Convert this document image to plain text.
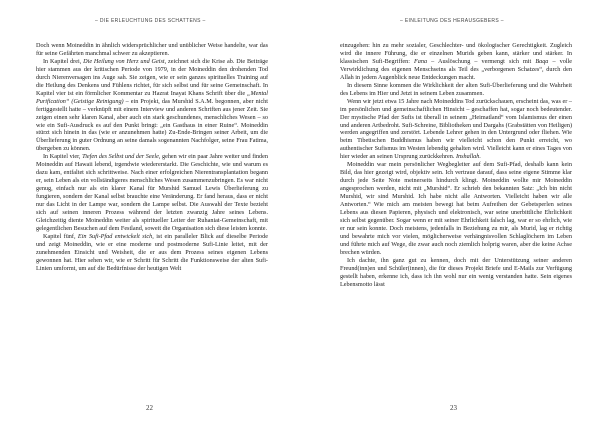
– DIE ERLEUCHTUNG DES SCHATTENS –

Doch wenn Moineddin in ähnlich widersprüchlicher und unüblicher Weise handelte, war das für seine Gefährten manchmal schwer zu akzeptieren.

In Kapitel drei, Die Heilung von Herz und Geist, zeichnet sich die Krise ab. Die Beiträge hier stammen aus der kritischen Periode von 1979, in der Moineddin den drohenden Tod durch Nierenversagen ins Auge sah. Sie zeigen, wie er sein ganzes spirituelles Training auf die Heilung des Denkens und Fühlens richtet, für sich selbst und für seine Gemeinschaft. In Kapitel vier ist ein förmlicher Kommentar zu Hazrat Inayat Khans Schrift über die „Mental Purification“ (Geistige Reinigung) – ein Projekt, das Murshid S.A.M. begonnen, aber nicht fertiggestellt hatte – verknüpft mit einem Interview und anderen Schriften aus jener Zeit. Sie zeigen einen sehr klaren Kanal, aber auch ein stark geschundenes, menschliches Wesen – so wie ein Sufi-Ausdruck es auf den Punkt bringt: „ein Gasthaus in einer Ruine“. Moineddin stürzt sich hinein in das (wie er anzunehmen hatte) Zu-Ende-Bringen seiner Arbeit, um die Überlieferung in guter Ordnung an seine damals sogenannten Nachfolger, seine Frau Fatima, übergeben zu können.

In Kapitel vier, Tiefen des Selbst und der Seele, gehen wir ein paar Jahre weiter und finden Moineddin auf Hawaii lebend, irgendwie wiedererstarkt. Die Geschichte, wie und warum es dazu kam, entfaltet sich schrittweise. Nach einer erfolgreichen Nierentransplantation begann er, sein Leben als ein vollständigeres menschliches Wesen zusammenzubringen. Es war nicht genug, einfach nur als ein klarer Kanal für Murshid Samuel Lewis Überlieferung zu fungieren, sondern der Kanal selbst brauchte eine Veränderung. Er fand heraus, dass er nicht nur das Licht in der Lampe war, sondern die Lampe selbst. Die Auswahl der Texte bezieht sich auf seinen inneren Prozess während der letzten zwanzig Jahre seines Lebens. Gleichzeitig diente Moineddin weiter als spiritueller Leiter der Ruhaniat-Gemeinschaft, mit gelegentlichen Besuchen auf dem Festland, soweit die Organisation sich diese leisten konnte.

Kapitel fünf, Ein Sufi-Pfad entwickelt sich, ist ein paralleler Blick auf dieselbe Periode und zeigt Moineddin, wie er eine moderne und postmoderne Sufi-Linie leitet, mit der zunehmenden Einsicht und Weisheit, die er aus dem Prozess seines eigenen Lebens gewonnen hat. Hier sehen wir, wie er Schritt für Schritt die Funktionsweise der alten Sufi-Linien umformt, um auf die Bedürfnisse der heutigen Welt

22
– EINLEITUNG DES HERAUSGEBERS –

einzugehen: hin zu mehr sozialer, Geschlechter- und ökologischer Gerechtigkeit. Zugleich wird die innere Führung, die er einzelnen Murids geben kann, stärker und stärker. In klassischen Sufi-Begriffen: Fana – Auslöschung – vermengt sich mit Baqa – volle Verwirklichung des eigenen Menschseins als Teil des „verborgenen Schatzes“, durch den Allah in jedem Augenblick neue Entdeckungen macht.

In diesem Sinne kommen die Wirklichkeit der alten Sufi-Überlieferung und die Wahrheit des Lebens im Hier und Jetzt in seinem Leben zusammen.

Wenn wir jetzt etwa 15 Jahre nach Moineddins Tod zurückschauen, erscheint das, was er – im persönlichen und gemeinschaftlichen Hinsicht – geschaffen hat, sogar noch bedeutender. Der mystische Pfad der Sufis ist überall in seinem „Heimatland“ vom Islamismus der einen und anderen Artbedroht. Sufi-Schreine, Bibliotheken und Dargahs (Grabstätten von Heiligen) werden angegriffen und zerstört. Lebende Lehrer gehen in den Untergrund oder fliehen. Wie beim Tibetischen Buddhismus haben wir vielleicht schon den Punkt erreicht, wo authentischer Sufismus im Westen lebendig gehalten wird. Vielleicht kann er eines Tages von hier wieder an seinen Ursprung zurückkehren. Inshallah.

Moineddin war mein persönlicher Wegbegleiter auf dem Sufi-Pfad, deshalb kann kein Bild, das hier gezeigt wird, objektiv sein. Ich vertraue darauf, dass seine eigene Stimme klar durch jede Seite Note meinerseits hindurch klingt. Moineddin wollte mir Moineddin angesprochen werden, nicht mit „Murshid“. Er schrieb den bekannten Satz: „Ich bin nicht Murshid, wir sind Murshid. Ich habe nicht alle Antworten. Vielleicht haben wir alle Antworten.“ Wie mich am meisten bewegt hat beim Aufreihen der Gebetsperlen seines Lebens aus diesen Papieren, physisch und elektronisch, war seine unerbittliche Ehrlichkeit sich selbst gegenüber. Sogar wenn er mit seiner Ehrlichkeit falsch lag, war er so ehrlich, wie er nur sein konnte. Doch meistens, jedenfalls in Beziehung zu mir, als Murid, lag er richtig und bewahrte mich vor vielen, möglicherweise verhängnisvollen Schlaglöchern im Leben und führte mich auf Wege, die zwar auch noch ziemlich holprig waren, aber die keine Achse brechen würden.

Ich dachte, ihn ganz gut zu kennen, doch mit der Unterstützung seiner anderen Freund(inn)en und Schüler(innen), die für dieses Projekt Briefe und E-Mails zur Verfügung gestellt haben, erkenne ich, dass ich ihn wohl nur ein wenig verstanden hatte. Sein eigenes Lebensmotto lässt

23
